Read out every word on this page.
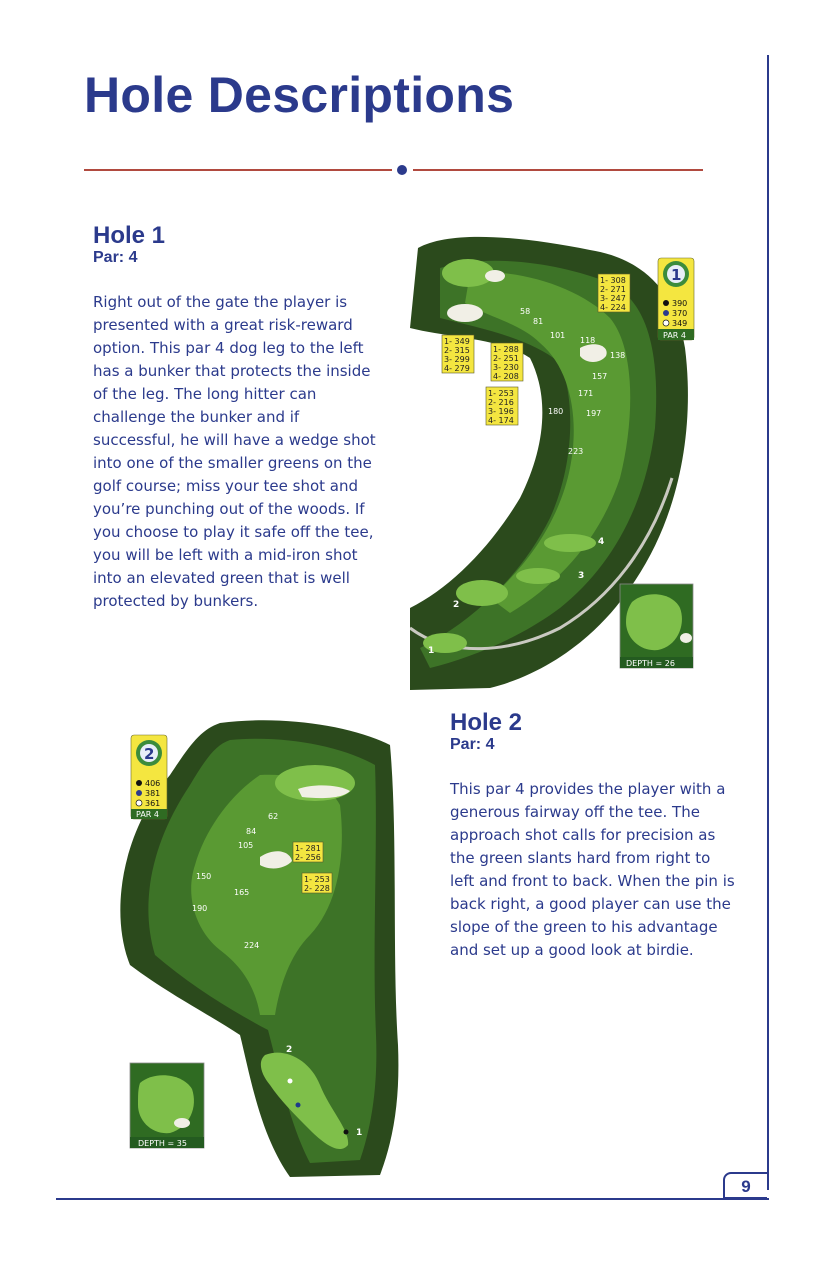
9
Hole Descriptions
Hole 1
Par: 4

Right out of the gate the player is presented with a great risk-reward option. This par 4 dog leg to the left has a bunker that protects the inside of the leg. The long hitter can challenge the bunker and if successful, he will have a wedge shot into one of the smaller greens on the golf course; miss your tee shot and you’re punching out of the woods. If you choose to play it safe off the tee, you will be left with a mid-iron shot into an elevated green that is well protected by bunkers.

58
81
101
118
138
157
171
180	197
223
4
3
2
1
1- 308
2- 271
3- 247
4- 224
1- 349
2- 315
3- 299
4- 279
1- 288
2- 251
3- 230
4- 208
1- 253
2- 216
3- 196
4- 174
1
390
370
349
PAR 4
DEPTH = 26
Hole 2
Par: 4

This par 4 provides the player with a generous fairway off the tee. The approach shot calls for precision as the green slants hard from right to left and front to back. When the pin is back right, a good player can use the slope of the green to his advantage and set up a good look at birdie.

62
84
105
150
165
190
224
2
1
1- 281
2- 256
1- 253
2- 228
2
406
381
361
PAR 4
DEPTH = 35
